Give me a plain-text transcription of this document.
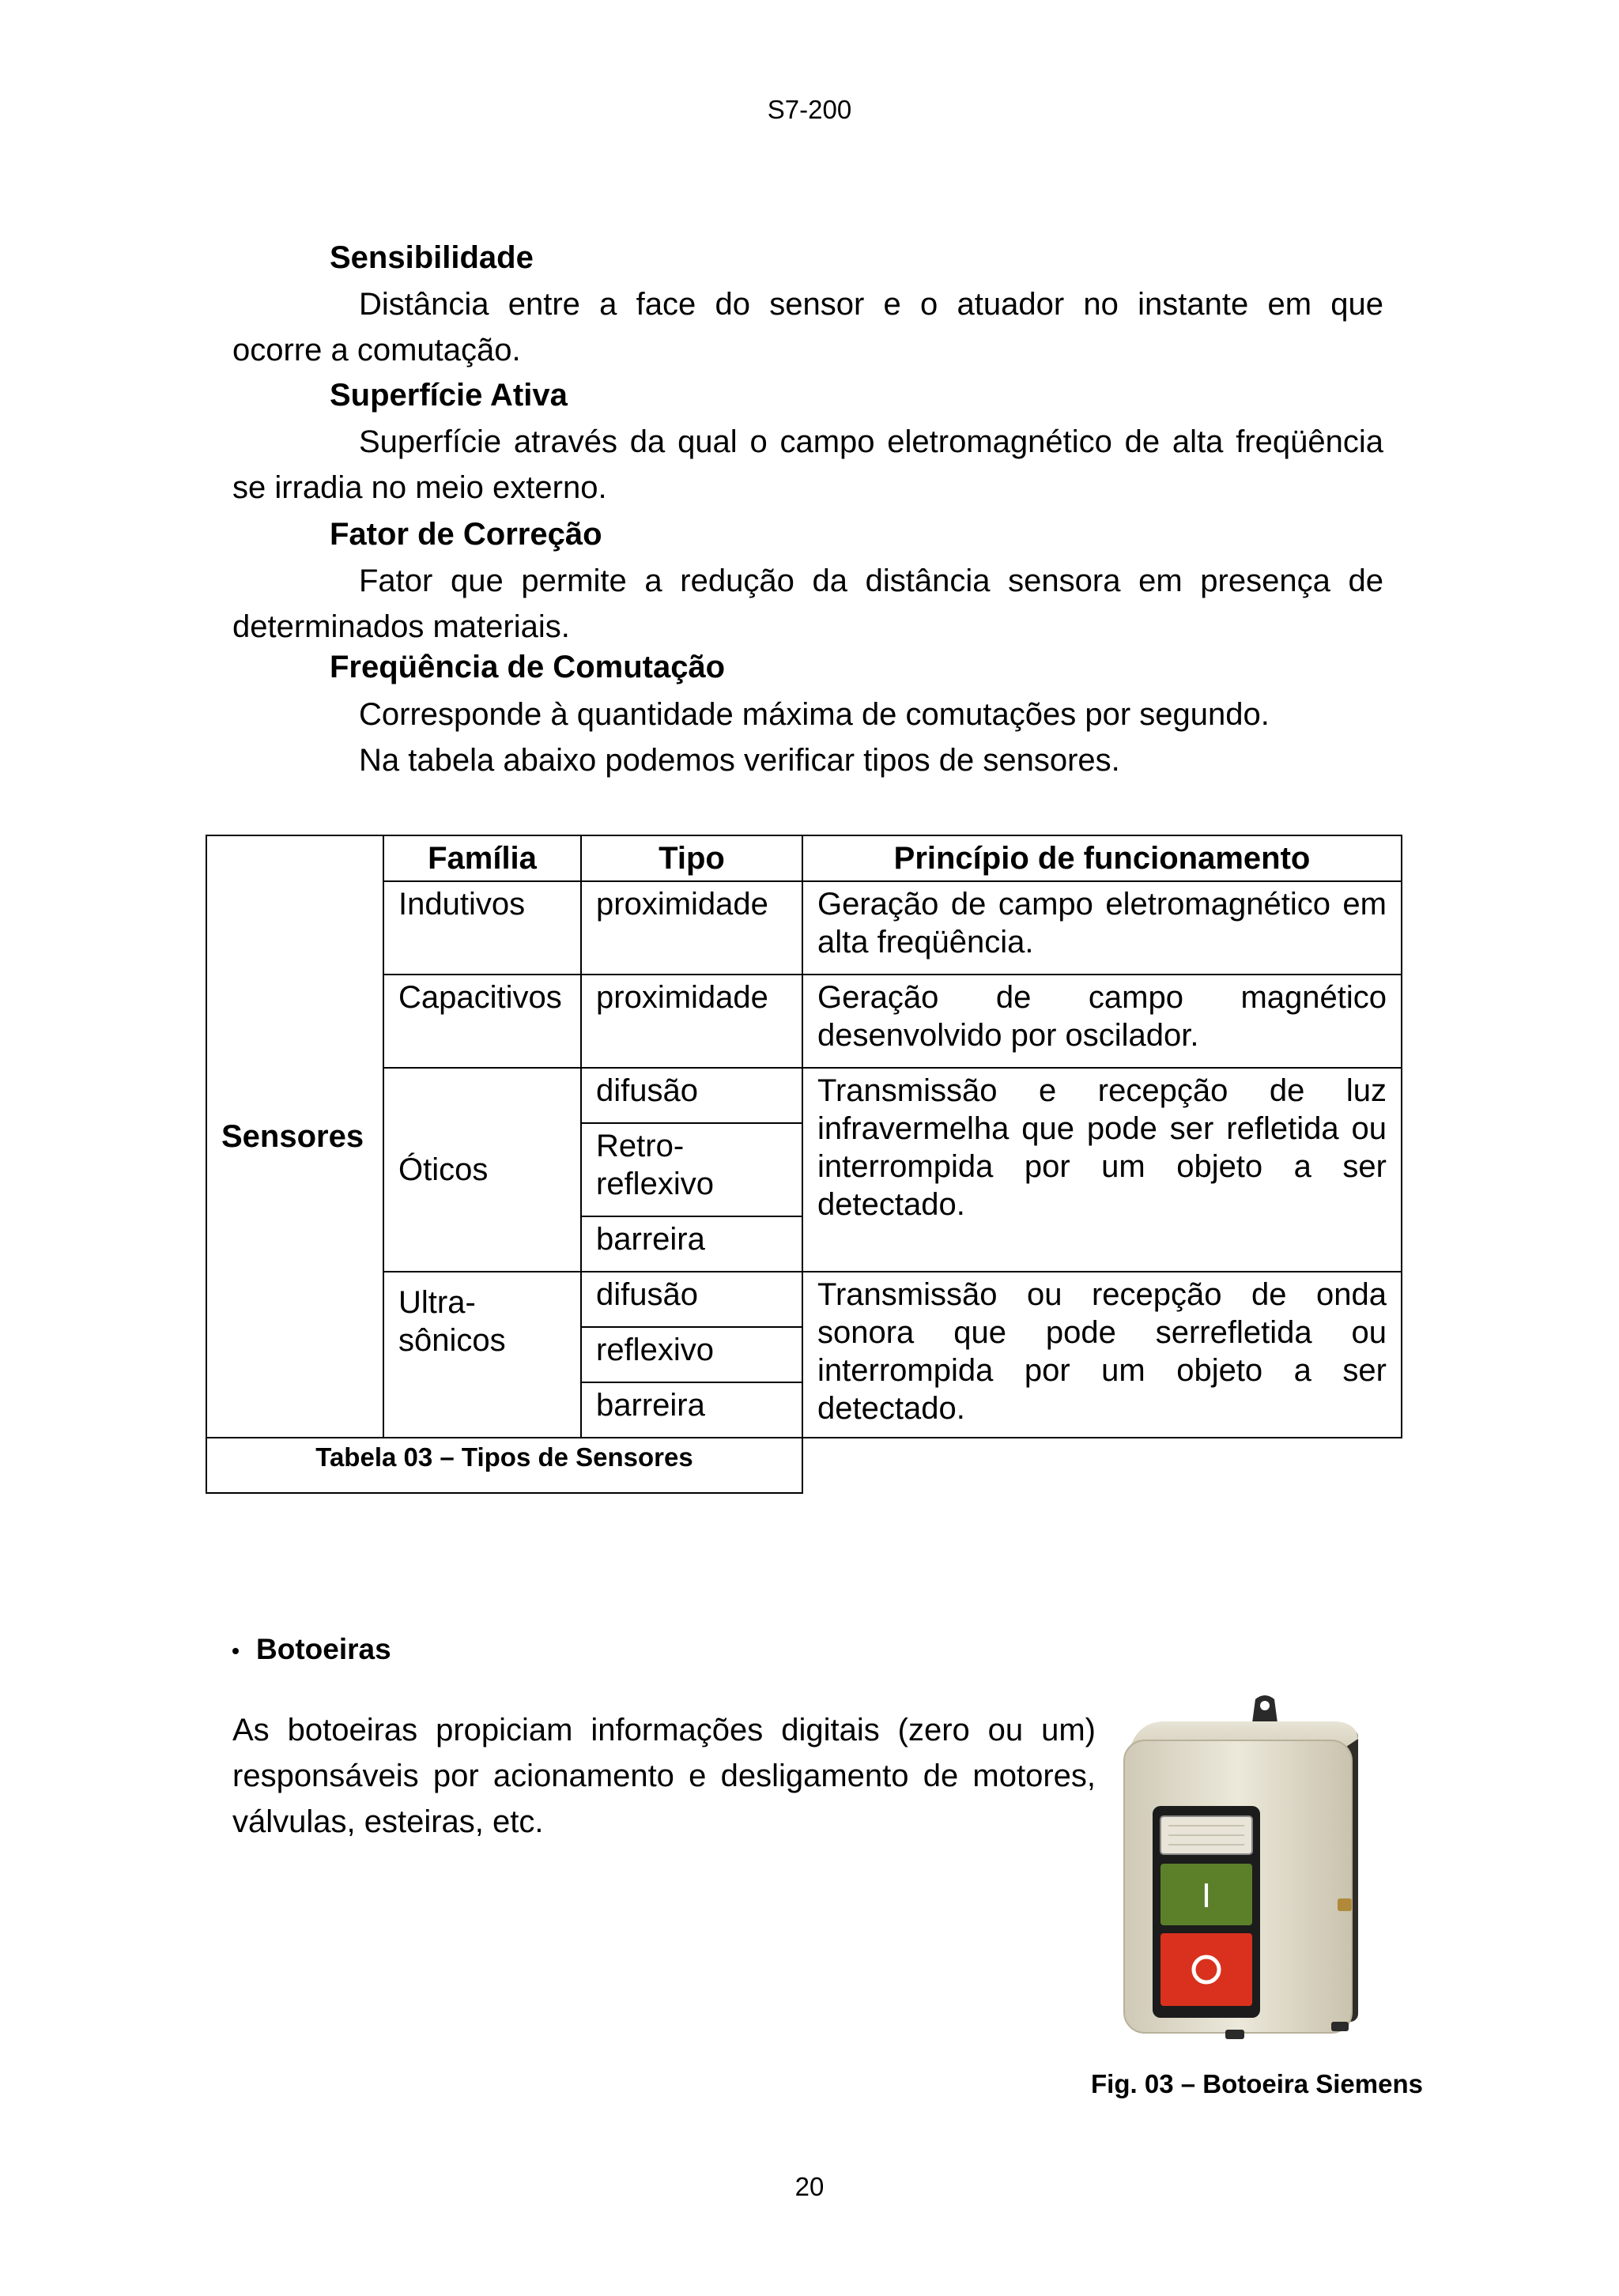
S7-200
Sensibilidade
Distância entre a face do sensor e o atuador no instante em que
ocorre a comutação.
Superfície Ativa
Superfície através da qual o campo eletromagnético de alta freqüência
se irradia no meio externo.
Fator de Correção
Fator que permite a redução da distância sensora em presença de
determinados materiais.
Freqüência de Comutação
Corresponde à quantidade máxima de comutações por segundo.
Na tabela abaixo podemos verificar tipos de sensores.
Sensores	Família	Tipo	Princípio de funcionamento
	Indutivos	proximidade	Geração de campo eletromagnético em alta freqüência.
	Capacitivos	proximidade	Geração de campo magnético desenvolvido por oscilador.
	Óticos	difusão	Transmissão e recepção de luz infravermelha que pode ser refletida ou interrompida por um objeto a ser detectado.
		Retro-reflexivo	
		barreira	
	Ultra-sônicos	difusão	Transmissão ou recepção de onda sonora que pode serrefletida ou interrompida por um objeto a ser detectado.
		reflexivo	
		barreira	
Tabela 03 – Tipos de Sensores			
Botoeiras
As botoeiras propiciam informações digitais (zero ou um) responsáveis por acionamento e desligamento de motores, válvulas, esteiras, etc.
I
O
Fig. 03 – Botoeira Siemens
20
